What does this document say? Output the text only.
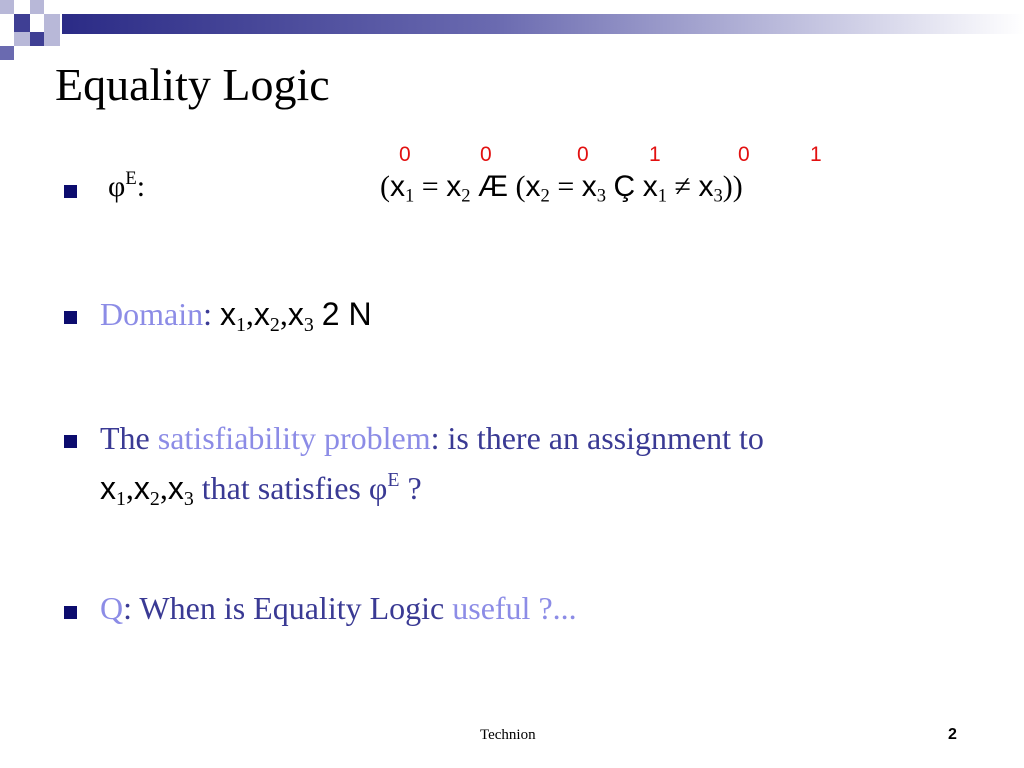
Equality Logic
$\varphi^E$:
0	0	0	1	0	1
($x_1 = x_2$ Æ ($x_2 = x_3$ Ç $x_1 \ne x_3$))
Domain: $x_1,x_2,x_3$ 2 N
The satisfiability problem: is there an assignment to
$x_1,x_2,x_3$ that satisfies $\varphi^E$ ?
Q: When is Equality Logic useful ?...
Technion	2
